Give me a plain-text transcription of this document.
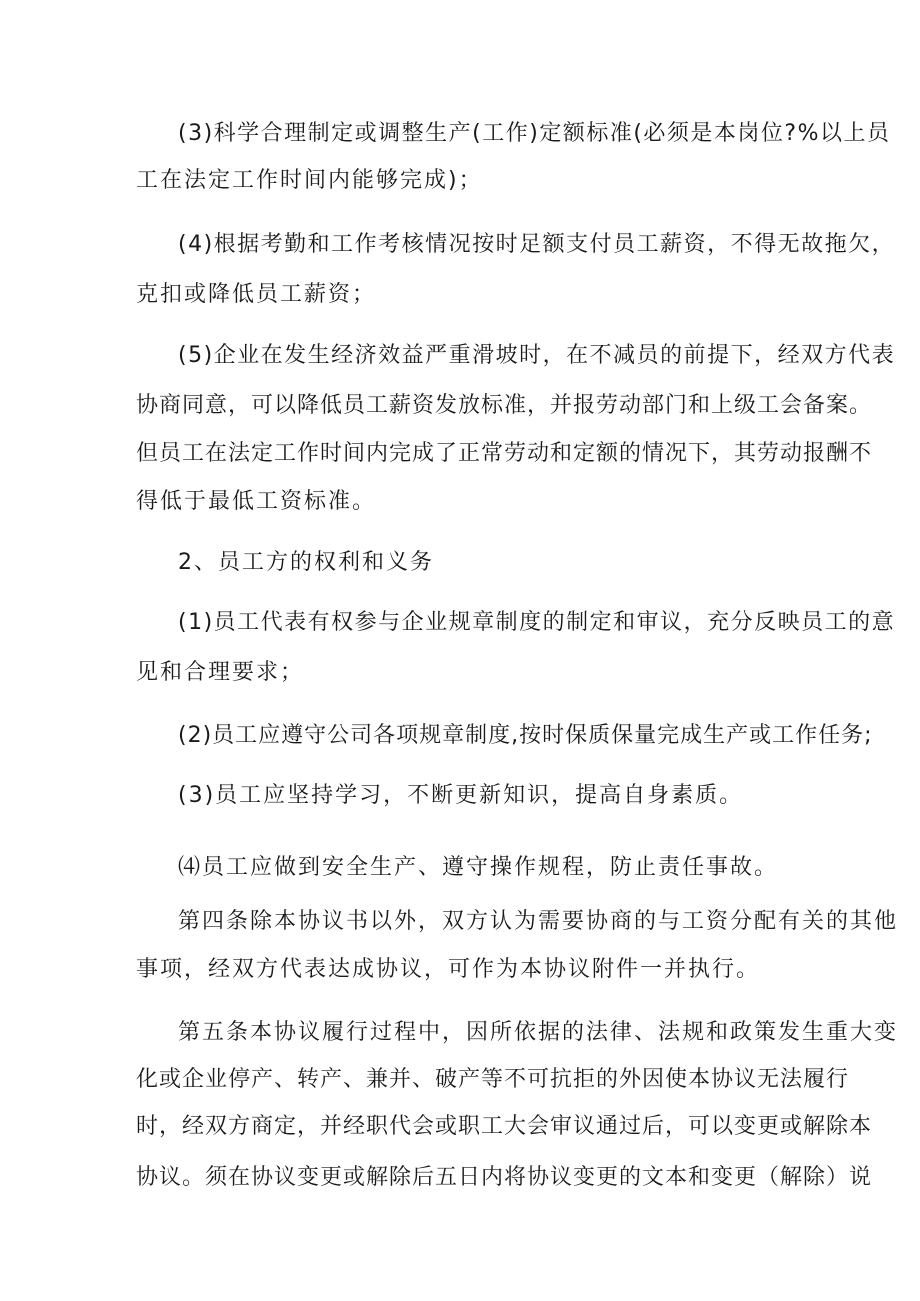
(3)科学合理制定或调整生产(工作)定额标准(必须是本岗位?%以上员
工在法定工作时间内能够完成)；
(4)根据考勤和工作考核情况按时足额支付员工薪资，不得无故拖欠，
克扣或降低员工薪资；
(5)企业在发生经济效益严重滑坡时，在不减员的前提下，经双方代表
协商同意，可以降低员工薪资发放标准，并报劳动部门和上级工会备案。
但员工在法定工作时间内完成了正常劳动和定额的情况下，其劳动报酬不
得低于最低工资标准。
2、员工方的权利和义务
(1)员工代表有权参与企业规章制度的制定和审议，充分反映员工的意
见和合理要求；
(2)员工应遵守公司各项规章制度,按时保质保量完成生产或工作任务;
(3)员工应坚持学习，不断更新知识，提高自身素质。
⑷员工应做到安全生产、遵守操作规程，防止责任事故。
第四条除本协议书以外，双方认为需要协商的与工资分配有关的其他
事项，经双方代表达成协议，可作为本协议附件一并执行。
第五条本协议履行过程中，因所依据的法律、法规和政策发生重大变
化或企业停产、转产、兼并、破产等不可抗拒的外因使本协议无法履行
时，经双方商定，并经职代会或职工大会审议通过后，可以变更或解除本
协议。须在协议变更或解除后五日内将协议变更的文本和变更（解除）说
